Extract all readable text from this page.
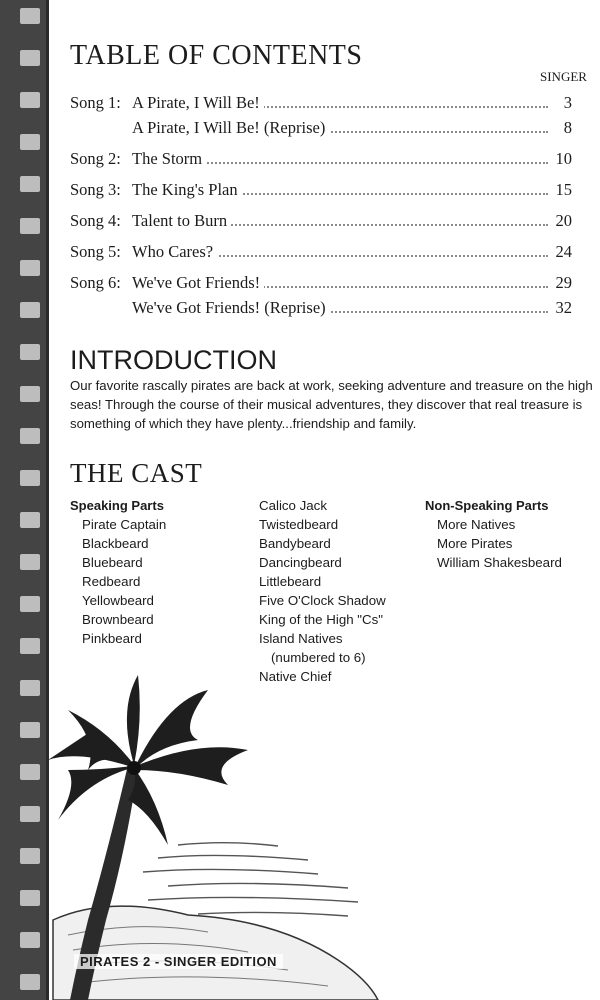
TABLE OF CONTENTS
SINGER
Song 1: A Pirate, I Will Be!	3
A Pirate, I Will Be! (Reprise)	8
Song 2: The Storm	10
Song 3: The King's Plan	15
Song 4: Talent to Burn	20
Song 5: Who Cares?	24
Song 6: We've Got Friends!	29
We've Got Friends! (Reprise)	32
INTRODUCTION
Our favorite rascally pirates are back at work, seeking adventure and treasure on the high seas! Through the course of their musical adventures, they discover that real treasure is something of which they have plenty...friendship and family.
THE CAST
Speaking Parts
Pirate Captain
Blackbeard
Bluebeard
Redbeard
Yellowbeard
Brownbeard
Pinkbeard
Calico Jack
Twistedbeard
Bandybeard
Dancingbeard
Littlebeard
Five O'Clock Shadow
King of the High "Cs"
Island Natives
(numbered to 6)
Native Chief
Non-Speaking Parts
More Natives
More Pirates
William Shakesbeard
PIRATES 2 - SINGER EDITION
